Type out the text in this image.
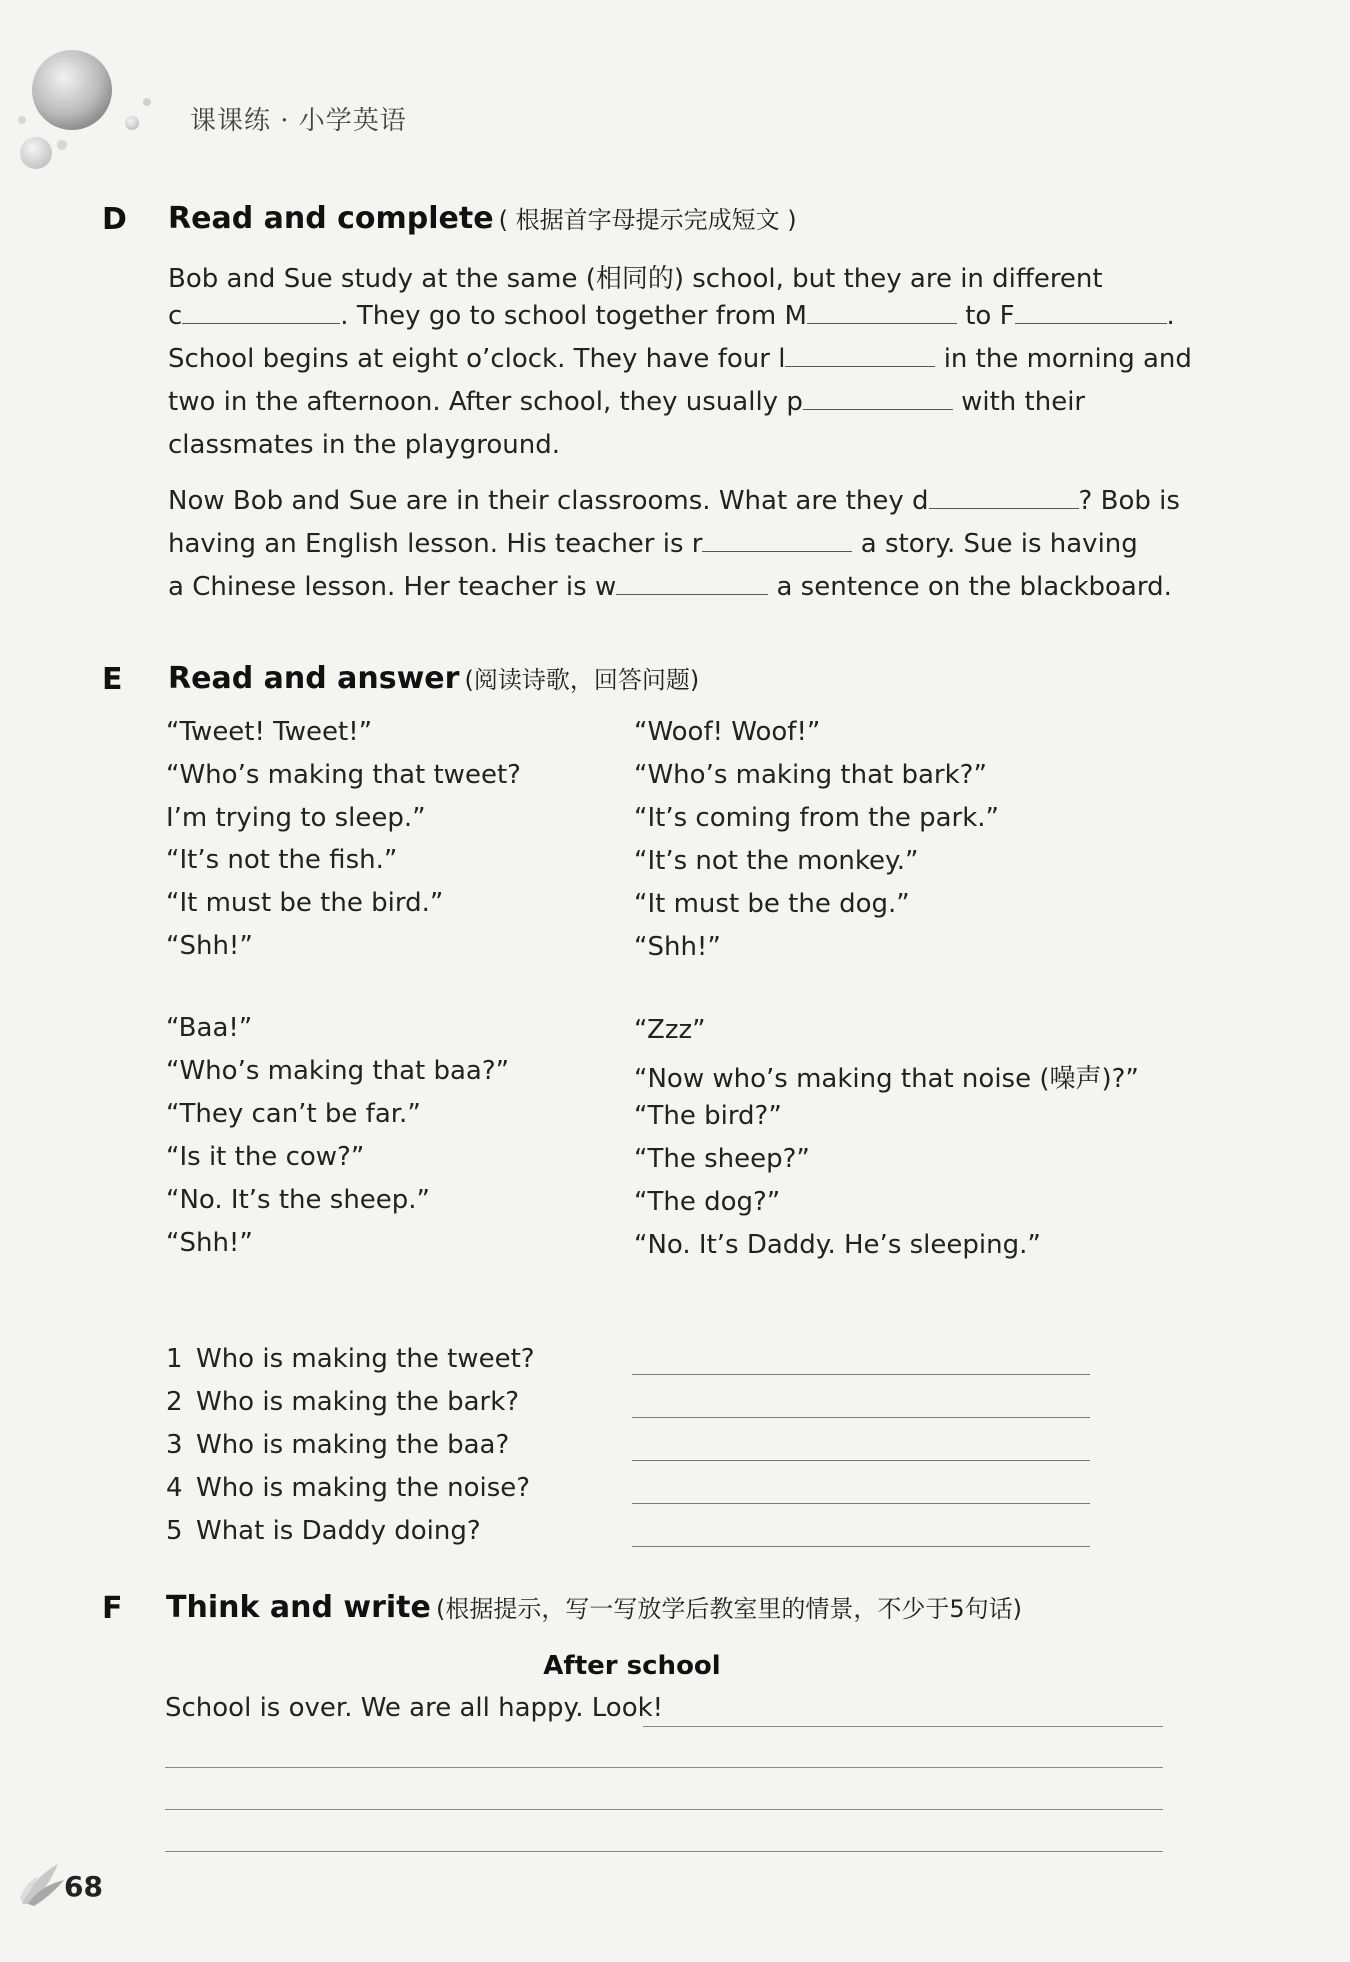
课课练 · 小学英语
D Read and complete ( 根据首字母提示完成短文 )
Bob and Sue study at the same (相同的) school, but they are in different
c	. They go to school together from M	to F	.
School begins at eight o’clock. They have four l	in the morning and
two in the afternoon. After school, they usually p	with their
classmates in the playground.
Now Bob and Sue are in their classrooms. What are they d	? Bob is
having an English lesson. His teacher is r	a story. Sue is having
a Chinese lesson. Her teacher is w	a sentence on the blackboard.
E Read and answer (阅读诗歌，回答问题)
“Tweet! Tweet!”
“Who’s making that tweet?
I’m trying to sleep.”
“It’s not the fish.”
“It must be the bird.”
“Shh!”
“Woof! Woof!”
“Who’s making that bark?”
“It’s coming from the park.”
“It’s not the monkey.”
“It must be the dog.”
“Shh!”
“Baa!”
“Who’s making that baa?”
“They can’t be far.”
“Is it the cow?”
“No. It’s the sheep.”
“Shh!”
“Zzz”
“Now who’s making that noise (噪声)?”
“The bird?”
“The sheep?”
“The dog?”
“No. It’s Daddy. He’s sleeping.”
1 Who is making the tweet?
2 Who is making the bark?
3 Who is making the baa?
4 Who is making the noise?
5 What is Daddy doing?
F Think and write (根据提示，写一写放学后教室里的情景，不少于5句话)
After school
School is over. We are all happy. Look!
68
